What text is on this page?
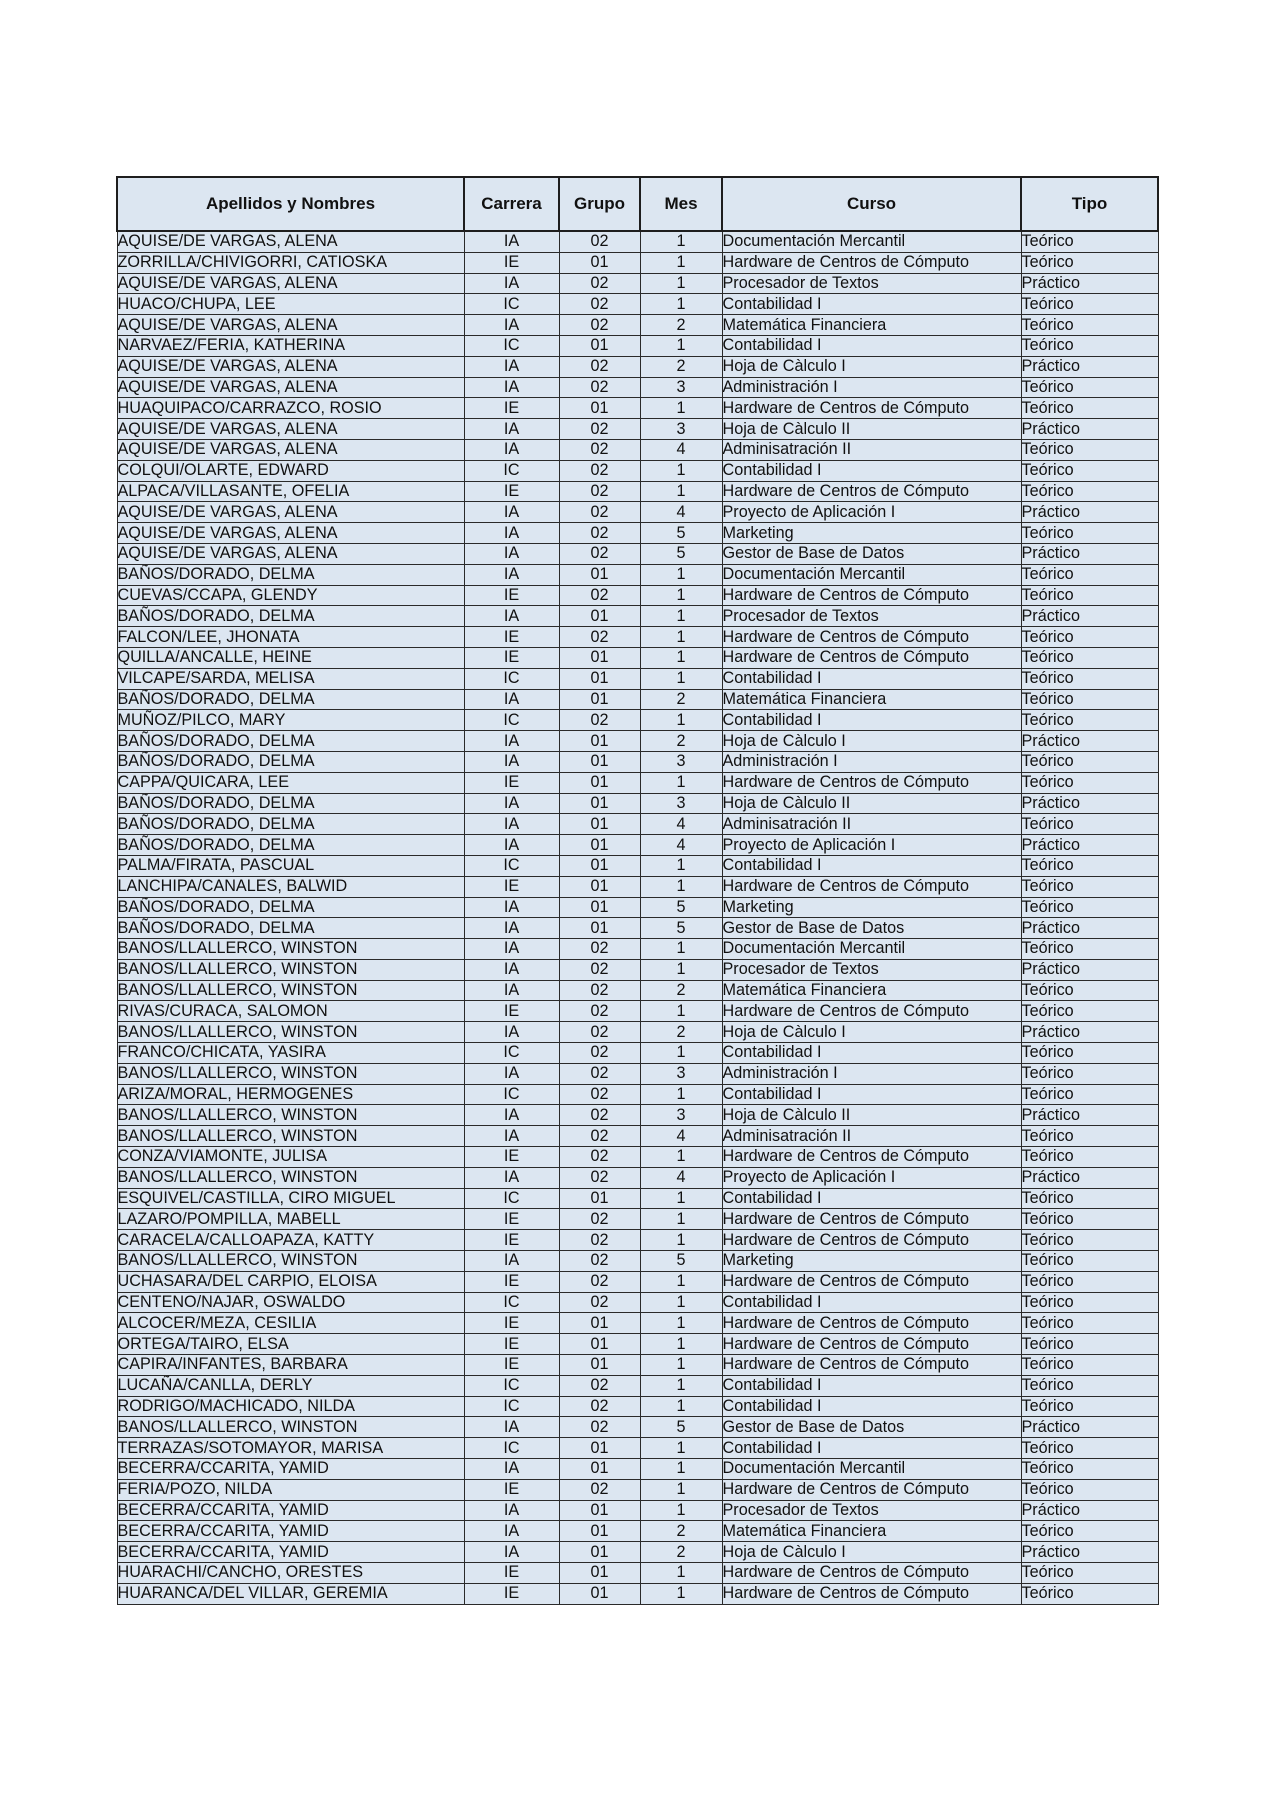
Apellidos y Nombres	Carrera	Grupo	Mes	Curso	Tipo
AQUISE/DE VARGAS, ALENA	IA	02	1	Documentación Mercantil	Teórico
ZORRILLA/CHIVIGORRI, CATIOSKA	IE	01	1	Hardware de Centros de Cómputo	Teórico
AQUISE/DE VARGAS, ALENA	IA	02	1	Procesador de Textos	Práctico
HUACO/CHUPA, LEE	IC	02	1	Contabilidad I	Teórico
AQUISE/DE VARGAS, ALENA	IA	02	2	Matemática Financiera	Teórico
NARVAEZ/FERIA, KATHERINA	IC	01	1	Contabilidad I	Teórico
AQUISE/DE VARGAS, ALENA	IA	02	2	Hoja de Càlculo I	Práctico
AQUISE/DE VARGAS, ALENA	IA	02	3	Administración I	Teórico
HUAQUIPACO/CARRAZCO, ROSIO	IE	01	1	Hardware de Centros de Cómputo	Teórico
AQUISE/DE VARGAS, ALENA	IA	02	3	Hoja de Càlculo II	Práctico
AQUISE/DE VARGAS, ALENA	IA	02	4	Adminisatración II	Teórico
COLQUI/OLARTE, EDWARD	IC	02	1	Contabilidad I	Teórico
ALPACA/VILLASANTE, OFELIA	IE	02	1	Hardware de Centros de Cómputo	Teórico
AQUISE/DE VARGAS, ALENA	IA	02	4	Proyecto de Aplicación I	Práctico
AQUISE/DE VARGAS, ALENA	IA	02	5	Marketing	Teórico
AQUISE/DE VARGAS, ALENA	IA	02	5	Gestor de Base de Datos	Práctico
BAÑOS/DORADO, DELMA	IA	01	1	Documentación Mercantil	Teórico
CUEVAS/CCAPA, GLENDY	IE	02	1	Hardware de Centros de Cómputo	Teórico
BAÑOS/DORADO, DELMA	IA	01	1	Procesador de Textos	Práctico
FALCON/LEE, JHONATA	IE	02	1	Hardware de Centros de Cómputo	Teórico
QUILLA/ANCALLE, HEINE	IE	01	1	Hardware de Centros de Cómputo	Teórico
VILCAPE/SARDA, MELISA	IC	01	1	Contabilidad I	Teórico
BAÑOS/DORADO, DELMA	IA	01	2	Matemática Financiera	Teórico
MUÑOZ/PILCO, MARY	IC	02	1	Contabilidad I	Teórico
BAÑOS/DORADO, DELMA	IA	01	2	Hoja de Càlculo I	Práctico
BAÑOS/DORADO, DELMA	IA	01	3	Administración I	Teórico
CAPPA/QUICARA, LEE	IE	01	1	Hardware de Centros de Cómputo	Teórico
BAÑOS/DORADO, DELMA	IA	01	3	Hoja de Càlculo II	Práctico
BAÑOS/DORADO, DELMA	IA	01	4	Adminisatración II	Teórico
BAÑOS/DORADO, DELMA	IA	01	4	Proyecto de Aplicación I	Práctico
PALMA/FIRATA, PASCUAL	IC	01	1	Contabilidad I	Teórico
LANCHIPA/CANALES, BALWID	IE	01	1	Hardware de Centros de Cómputo	Teórico
BAÑOS/DORADO, DELMA	IA	01	5	Marketing	Teórico
BAÑOS/DORADO, DELMA	IA	01	5	Gestor de Base de Datos	Práctico
BANOS/LLALLERCO, WINSTON	IA	02	1	Documentación Mercantil	Teórico
BANOS/LLALLERCO, WINSTON	IA	02	1	Procesador de Textos	Práctico
BANOS/LLALLERCO, WINSTON	IA	02	2	Matemática Financiera	Teórico
RIVAS/CURACA, SALOMON	IE	02	1	Hardware de Centros de Cómputo	Teórico
BANOS/LLALLERCO, WINSTON	IA	02	2	Hoja de Càlculo I	Práctico
FRANCO/CHICATA, YASIRA	IC	02	1	Contabilidad I	Teórico
BANOS/LLALLERCO, WINSTON	IA	02	3	Administración I	Teórico
ARIZA/MORAL, HERMOGENES	IC	02	1	Contabilidad I	Teórico
BANOS/LLALLERCO, WINSTON	IA	02	3	Hoja de Càlculo II	Práctico
BANOS/LLALLERCO, WINSTON	IA	02	4	Adminisatración II	Teórico
CONZA/VIAMONTE, JULISA	IE	02	1	Hardware de Centros de Cómputo	Teórico
BANOS/LLALLERCO, WINSTON	IA	02	4	Proyecto de Aplicación I	Práctico
ESQUIVEL/CASTILLA, CIRO MIGUEL	IC	01	1	Contabilidad I	Teórico
LAZARO/POMPILLA, MABELL	IE	02	1	Hardware de Centros de Cómputo	Teórico
CARACELA/CALLOAPAZA, KATTY	IE	02	1	Hardware de Centros de Cómputo	Teórico
BANOS/LLALLERCO, WINSTON	IA	02	5	Marketing	Teórico
UCHASARA/DEL CARPIO, ELOISA	IE	02	1	Hardware de Centros de Cómputo	Teórico
CENTENO/NAJAR, OSWALDO	IC	02	1	Contabilidad I	Teórico
ALCOCER/MEZA, CESILIA	IE	01	1	Hardware de Centros de Cómputo	Teórico
ORTEGA/TAIRO, ELSA	IE	01	1	Hardware de Centros de Cómputo	Teórico
CAPIRA/INFANTES, BARBARA	IE	01	1	Hardware de Centros de Cómputo	Teórico
LUCAÑA/CANLLA, DERLY	IC	02	1	Contabilidad I	Teórico
RODRIGO/MACHICADO, NILDA	IC	02	1	Contabilidad I	Teórico
BANOS/LLALLERCO, WINSTON	IA	02	5	Gestor de Base de Datos	Práctico
TERRAZAS/SOTOMAYOR, MARISA	IC	01	1	Contabilidad I	Teórico
BECERRA/CCARITA, YAMID	IA	01	1	Documentación Mercantil	Teórico
FERIA/POZO, NILDA	IE	02	1	Hardware de Centros de Cómputo	Teórico
BECERRA/CCARITA, YAMID	IA	01	1	Procesador de Textos	Práctico
BECERRA/CCARITA, YAMID	IA	01	2	Matemática Financiera	Teórico
BECERRA/CCARITA, YAMID	IA	01	2	Hoja de Càlculo I	Práctico
HUARACHI/CANCHO, ORESTES	IE	01	1	Hardware de Centros de Cómputo	Teórico
HUARANCA/DEL VILLAR, GEREMIA	IE	01	1	Hardware de Centros de Cómputo	Teórico
